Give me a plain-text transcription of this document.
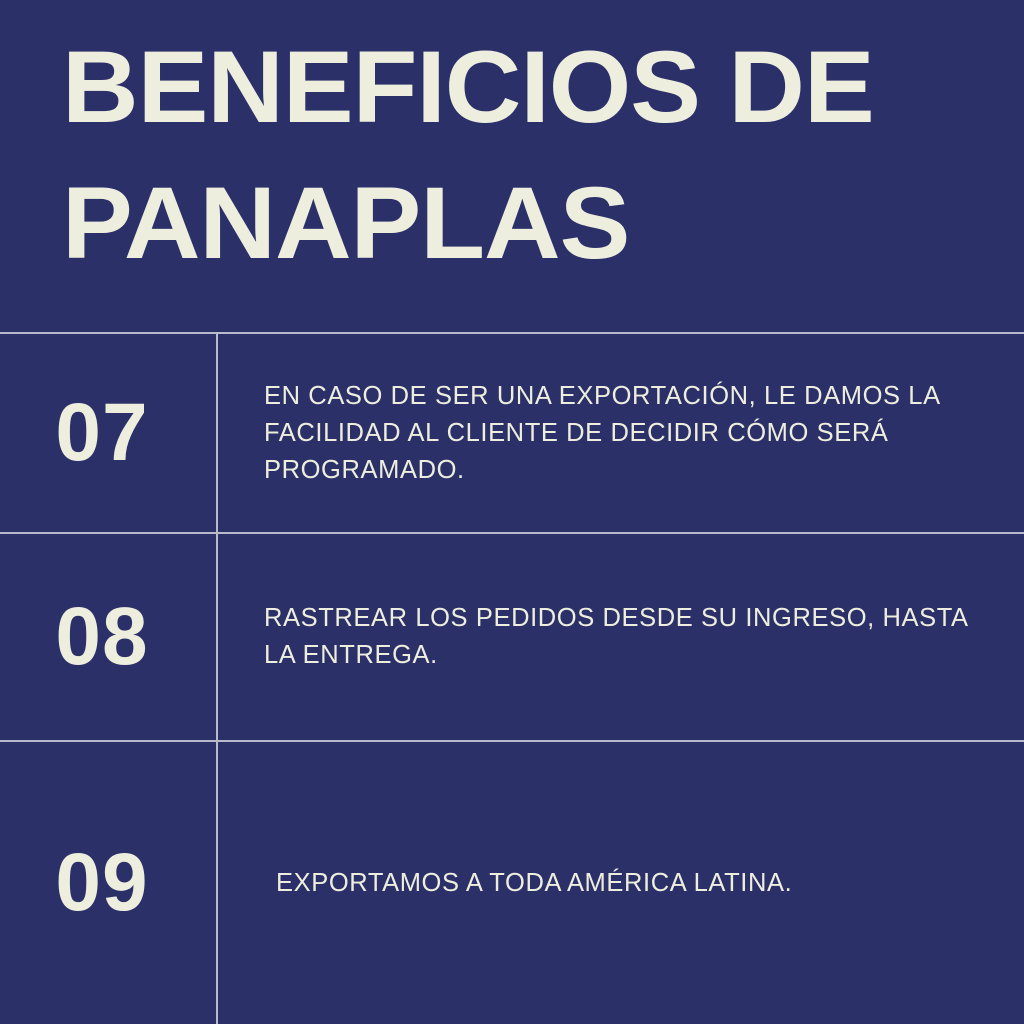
BENEFICIOS DE
PANAPLAS
07	EN CASO DE SER UNA EXPORTACIÓN, LE DAMOS LA FACILIDAD AL CLIENTE DE DECIDIR CÓMO SERÁ PROGRAMADO.
08	RASTREAR LOS PEDIDOS DESDE SU INGRESO, HASTA LA ENTREGA.
09	EXPORTAMOS A TODA AMÉRICA LATINA.
